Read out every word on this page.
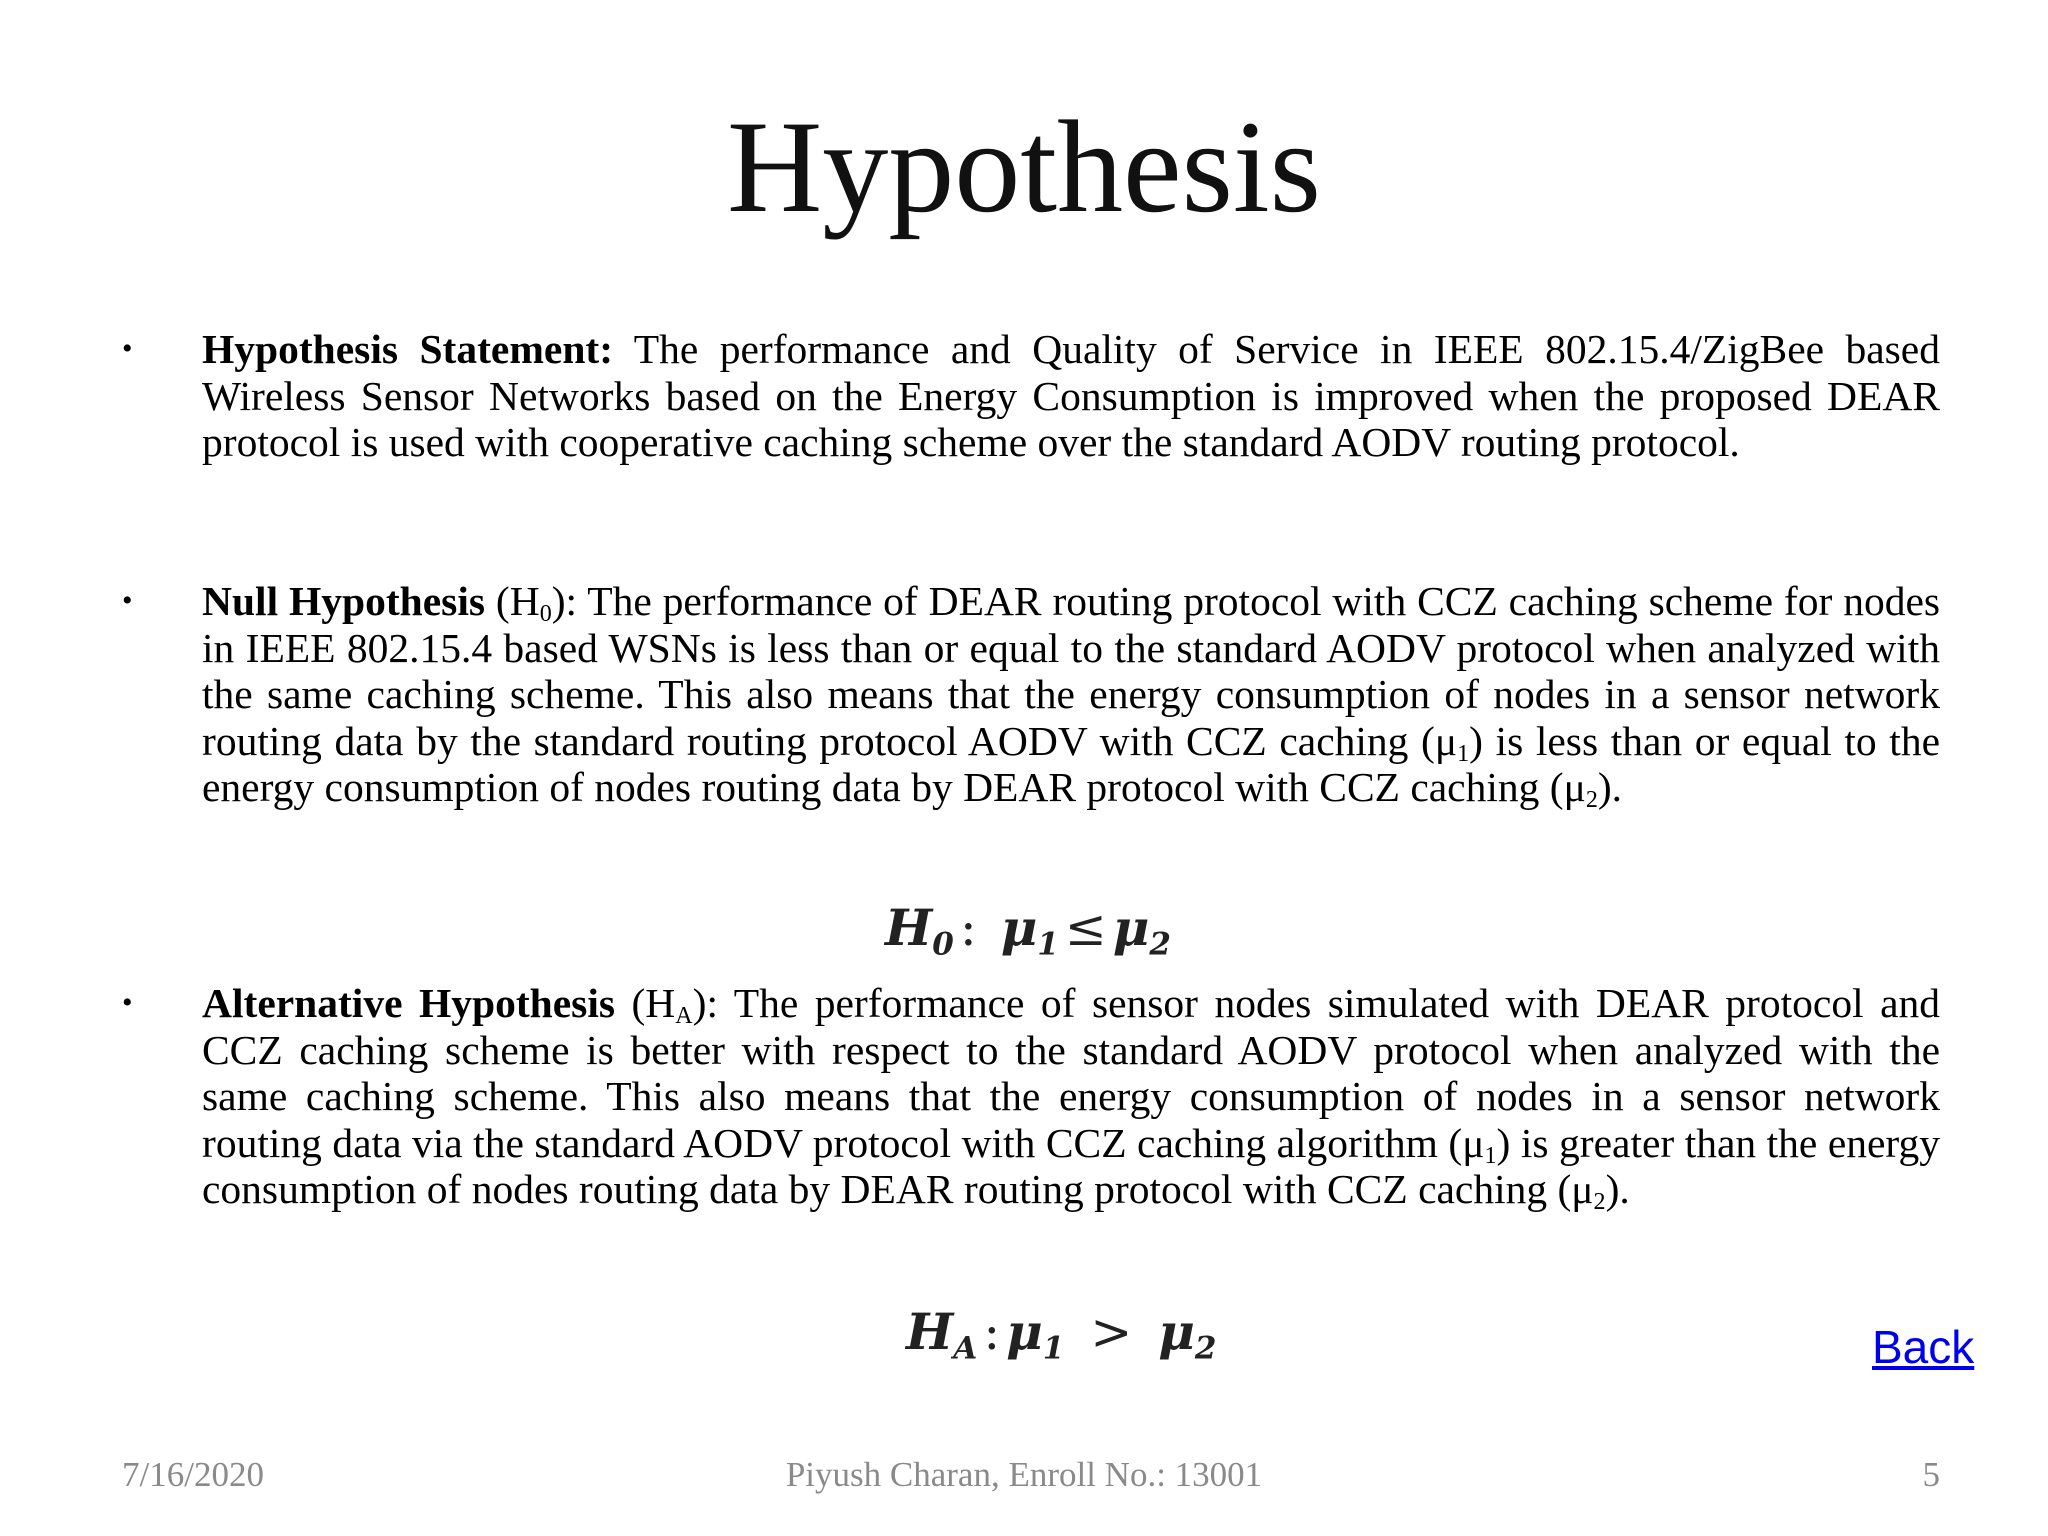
Hypothesis
• Hypothesis Statement: The performance and Quality of Service in IEEE 802.15.4/ZigBee based Wireless Sensor Networks based on the Energy Consumption is improved when the proposed DEAR protocol is used with cooperative caching scheme over the standard AODV routing protocol.
• Null Hypothesis $(H_0)$: The performance of DEAR routing protocol with CCZ caching scheme for nodes in IEEE 802.15.4 based WSNs is less than or equal to the standard AODV protocol when analyzed with the same caching scheme. This also means that the energy consumption of nodes in a sensor network routing data by the standard routing protocol AODV with CCZ caching $(\mu_1)$ is less than or equal to the energy consumption of nodes routing data by DEAR protocol with CCZ caching $(\mu_2)$.
$H_0$ : $\mu_1 \le \mu_2$
• Alternative Hypothesis $(H_A)$: The performance of sensor nodes simulated with DEAR protocol and CCZ caching scheme is better with respect to the standard AODV protocol when analyzed with the same caching scheme. This also means that the energy consumption of nodes in a sensor network routing data via the standard AODV protocol with CCZ caching algorithm $(\mu_1)$ is greater than the energy consumption of nodes routing data by DEAR routing protocol with CCZ caching $(\mu_2)$.
$H_A$ : $\mu_1 > \mu_2$	Back
7/16/2020	Piyush Charan, Enroll No.: 13001	5
